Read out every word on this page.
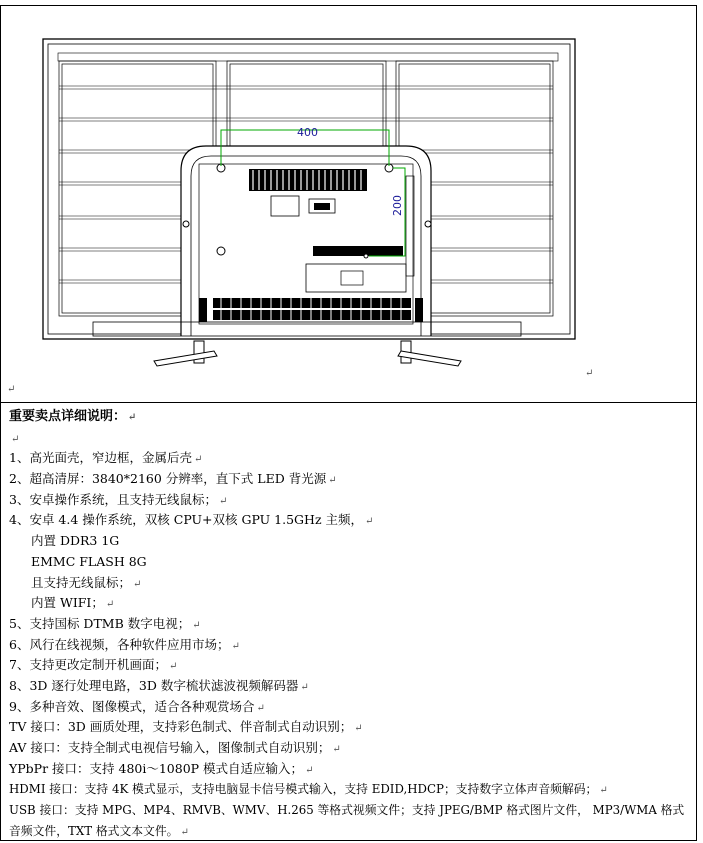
400
200
↵
↵
重要卖点详细说明： ↵
↵
1、高光面壳，窄边框，金属后壳 ↵
2、超高清屏：3840*2160 分辨率，直下式 LED 背光源 ↵
3、安卓操作系统，且支持无线鼠标； ↵
4、安卓 4.4 操作系统，双核 CPU+双核 GPU 1.5GHz 主频， ↵
内置 DDR3 1G
EMMC FLASH 8G
且支持无线鼠标； ↵
内置 WIFI； ↵
5、支持国标 DTMB 数字电视； ↵
6、风行在线视频，各种软件应用市场； ↵
7、支持更改定制开机画面； ↵
8、3D 逐行处理电路，3D 数字梳状滤波视频解码器 ↵
9、多种音效、图像模式，适合各种观赏场合 ↵
TV 接口：3D 画质处理，支持彩色制式、伴音制式自动识别； ↵
AV 接口：支持全制式电视信号输入，图像制式自动识别； ↵
YPbPr 接口：支持 480i～1080P 模式自适应输入； ↵
HDMI 接口：支持 4K 模式显示，支持电脑显卡信号模式输入，支持 EDID,HDCP；支持数字立体声音频解码； ↵
USB 接口：支持 MPG、MP4、RMVB、WMV、H.265 等格式视频文件；支持 JPEG/BMP 格式图片文件， MP3/WMA 格式音频文件，TXT 格式文本文件。 ↵
